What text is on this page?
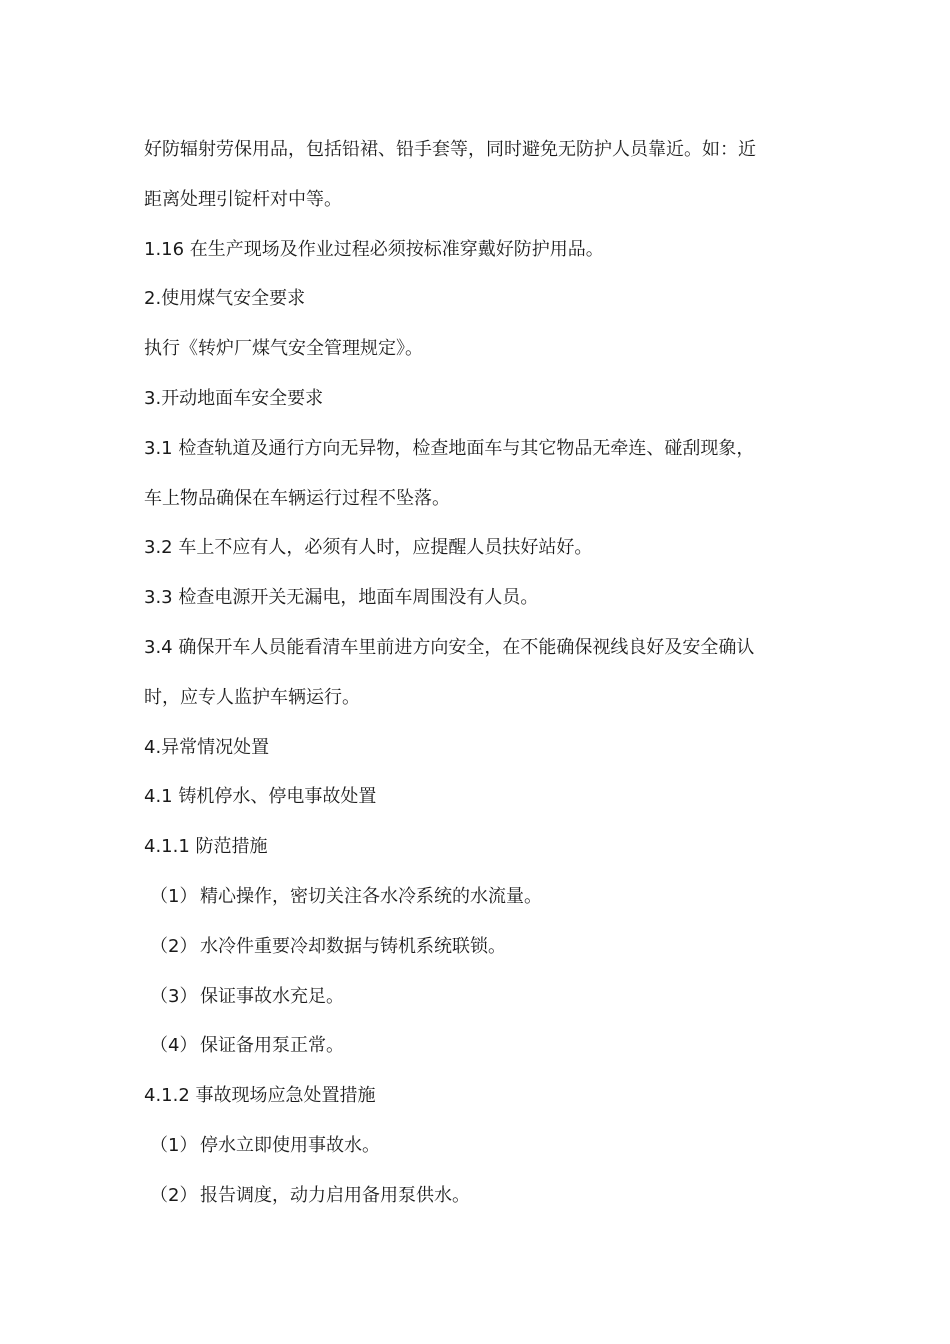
好防辐射劳保用品，包括铅裙、铅手套等，同时避免无防护人员靠近。如：近

距离处理引锭杆对中等。

1.16 在生产现场及作业过程必须按标准穿戴好防护用品。

2.使用煤气安全要求

执行《转炉厂煤气安全管理规定》。

3.开动地面车安全要求

3.1 检查轨道及通行方向无异物，检查地面车与其它物品无牵连、碰刮现象，

车上物品确保在车辆运行过程不坠落。

3.2 车上不应有人，必须有人时，应提醒人员扶好站好。

3.3 检查电源开关无漏电，地面车周围没有人员。

3.4 确保开车人员能看清车里前进方向安全，在不能确保视线良好及安全确认

时，应专人监护车辆运行。

4.异常情况处置

4.1 铸机停水、停电事故处置

4.1.1 防范措施

（1） 精心操作，密切关注各水冷系统的水流量。

（2） 水冷件重要冷却数据与铸机系统联锁。

（3） 保证事故水充足。

（4） 保证备用泵正常。

4.1.2 事故现场应急处置措施

（1） 停水立即使用事故水。

（2） 报告调度，动力启用备用泵供水。
